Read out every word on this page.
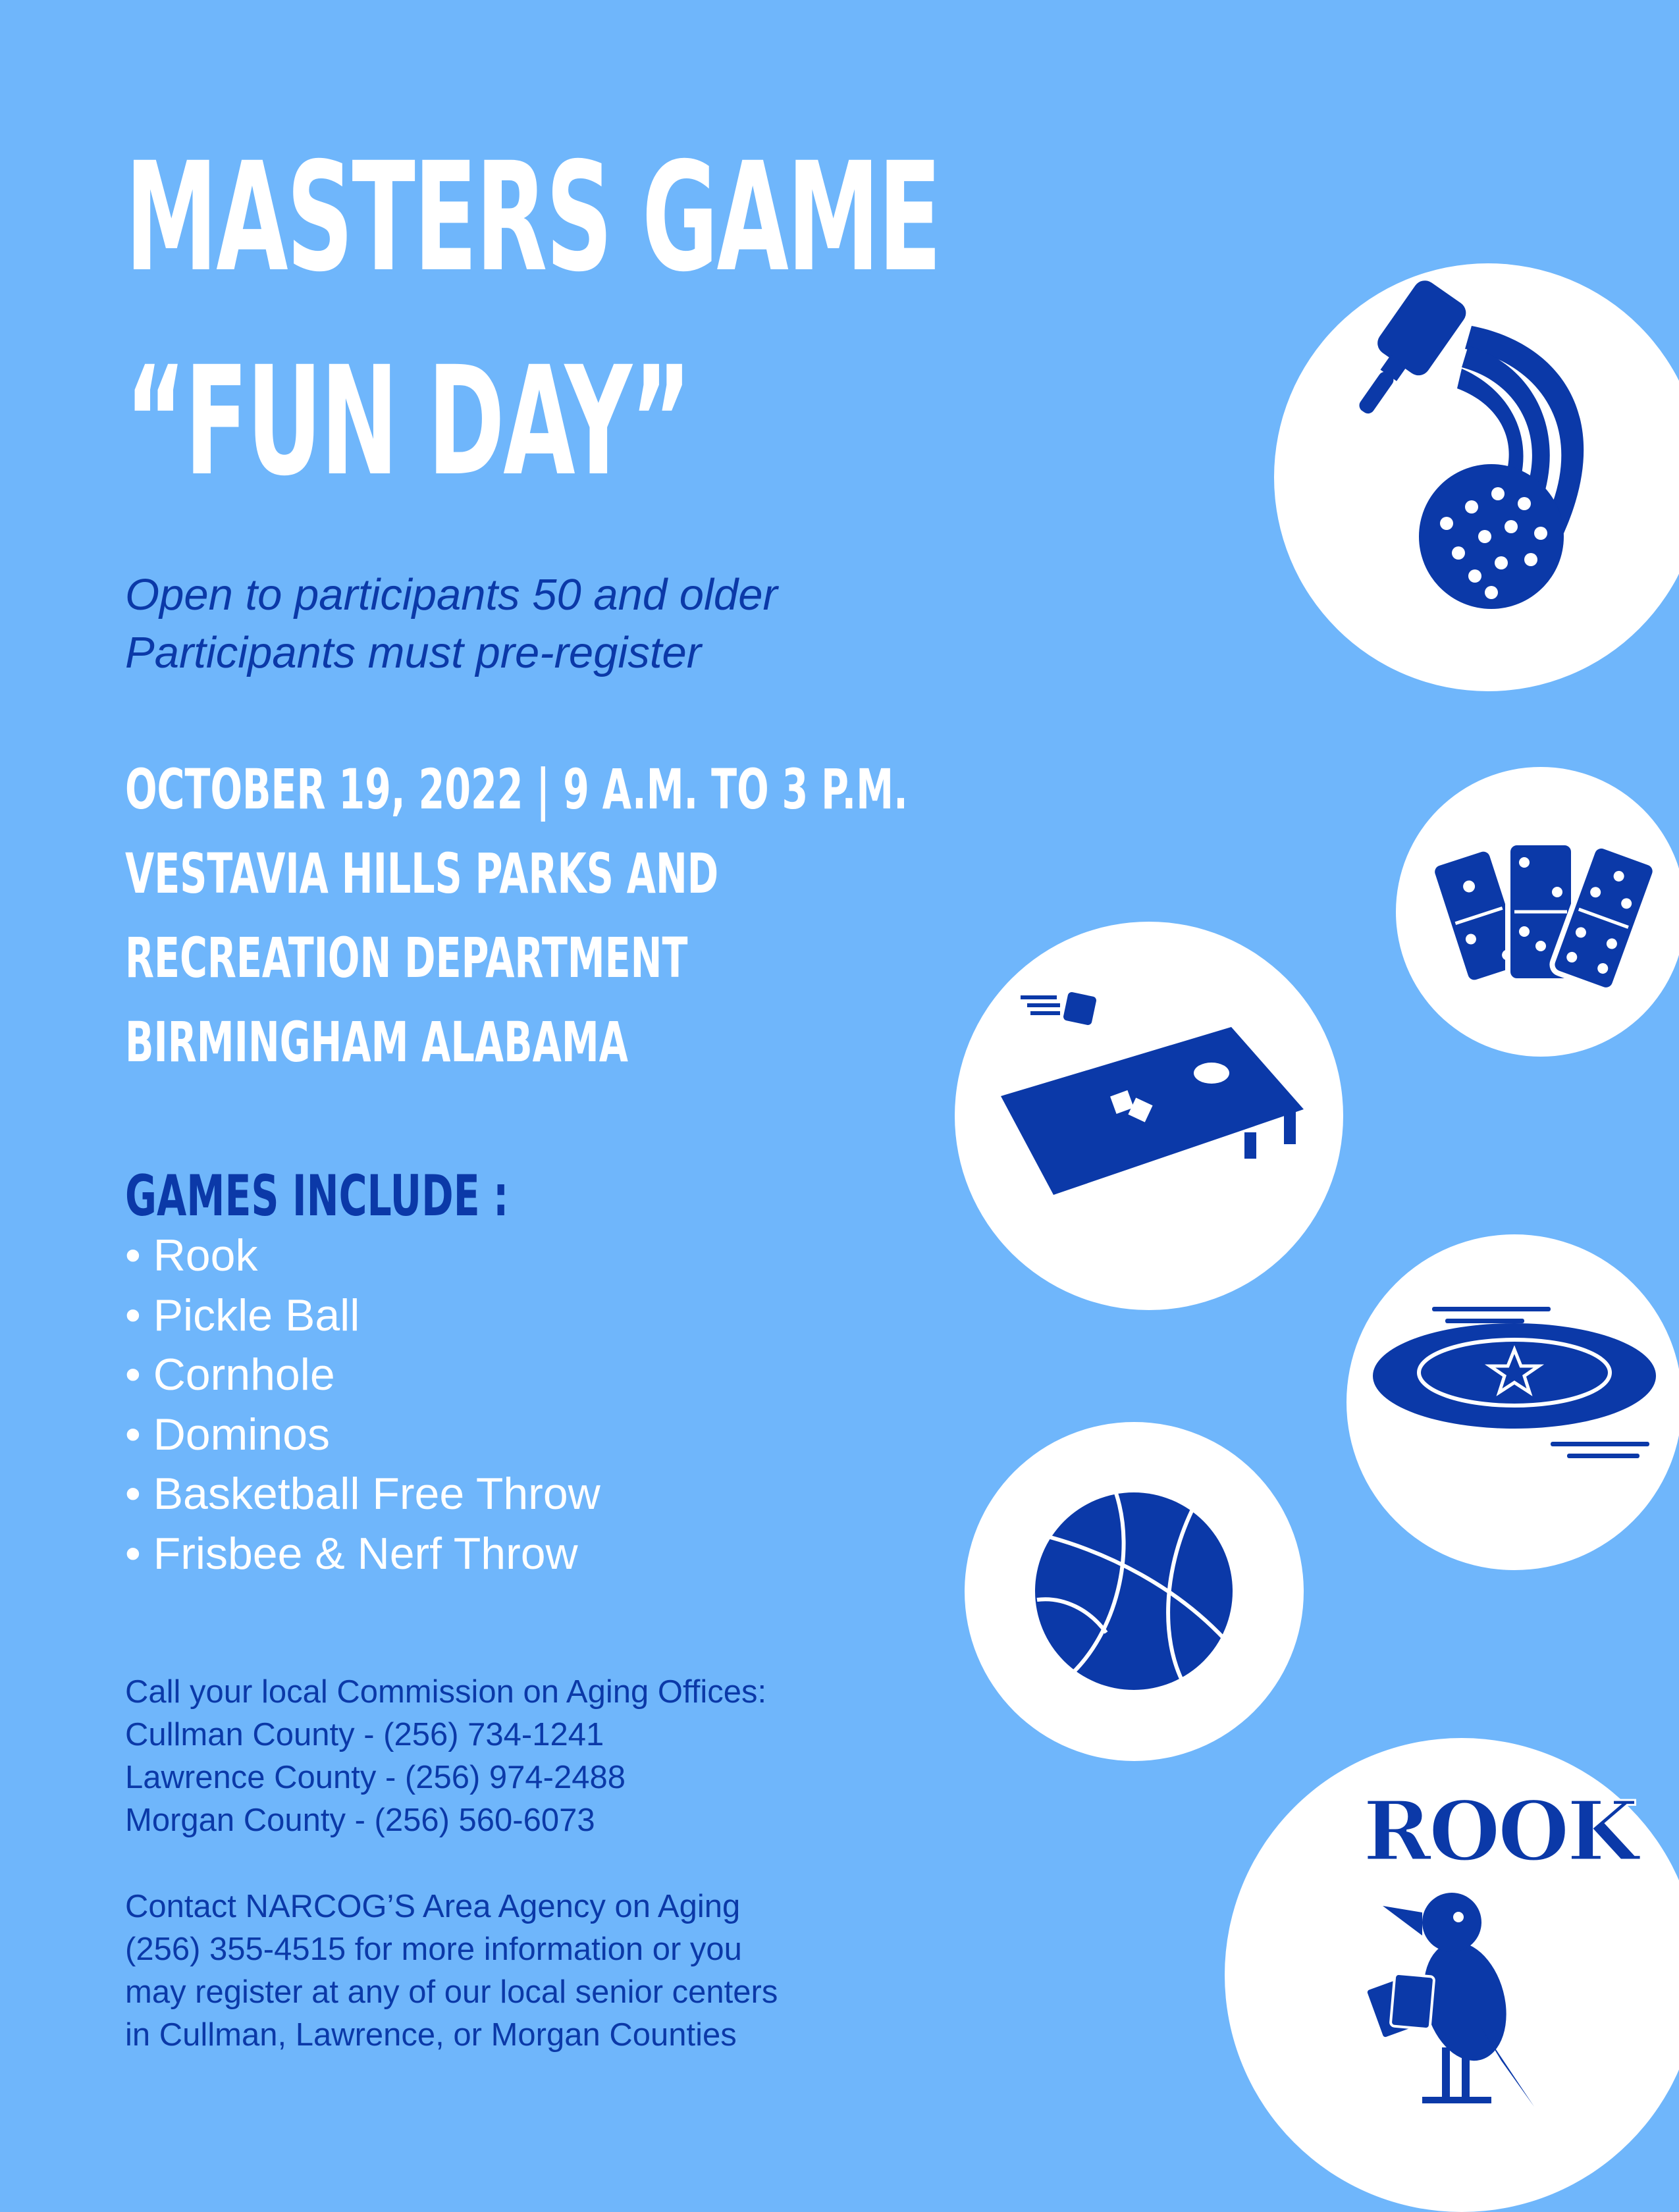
MASTERS GAME
“FUN DAY”
Open to participants 50 and older
Participants must pre-register
OCTOBER 19, 2022 | 9 A.M. TO 3 P.M.
VESTAVIA HILLS PARKS AND
RECREATION DEPARTMENT
BIRMINGHAM ALABAMA
GAMES INCLUDE :
• Rook
• Pickle Ball
• Cornhole
• Dominos
• Basketball Free Throw
• Frisbee & Nerf Throw
Call your local Commission on Aging Offices:
Cullman County - (256) 734-1241
Lawrence County - (256) 974-2488
Morgan County - (256) 560-6073
Contact NARCOG’S Area Agency on Aging
(256) 355-4515 for more information or you
may register at any of our local senior centers
in Cullman, Lawrence, or Morgan Counties
ROOK
